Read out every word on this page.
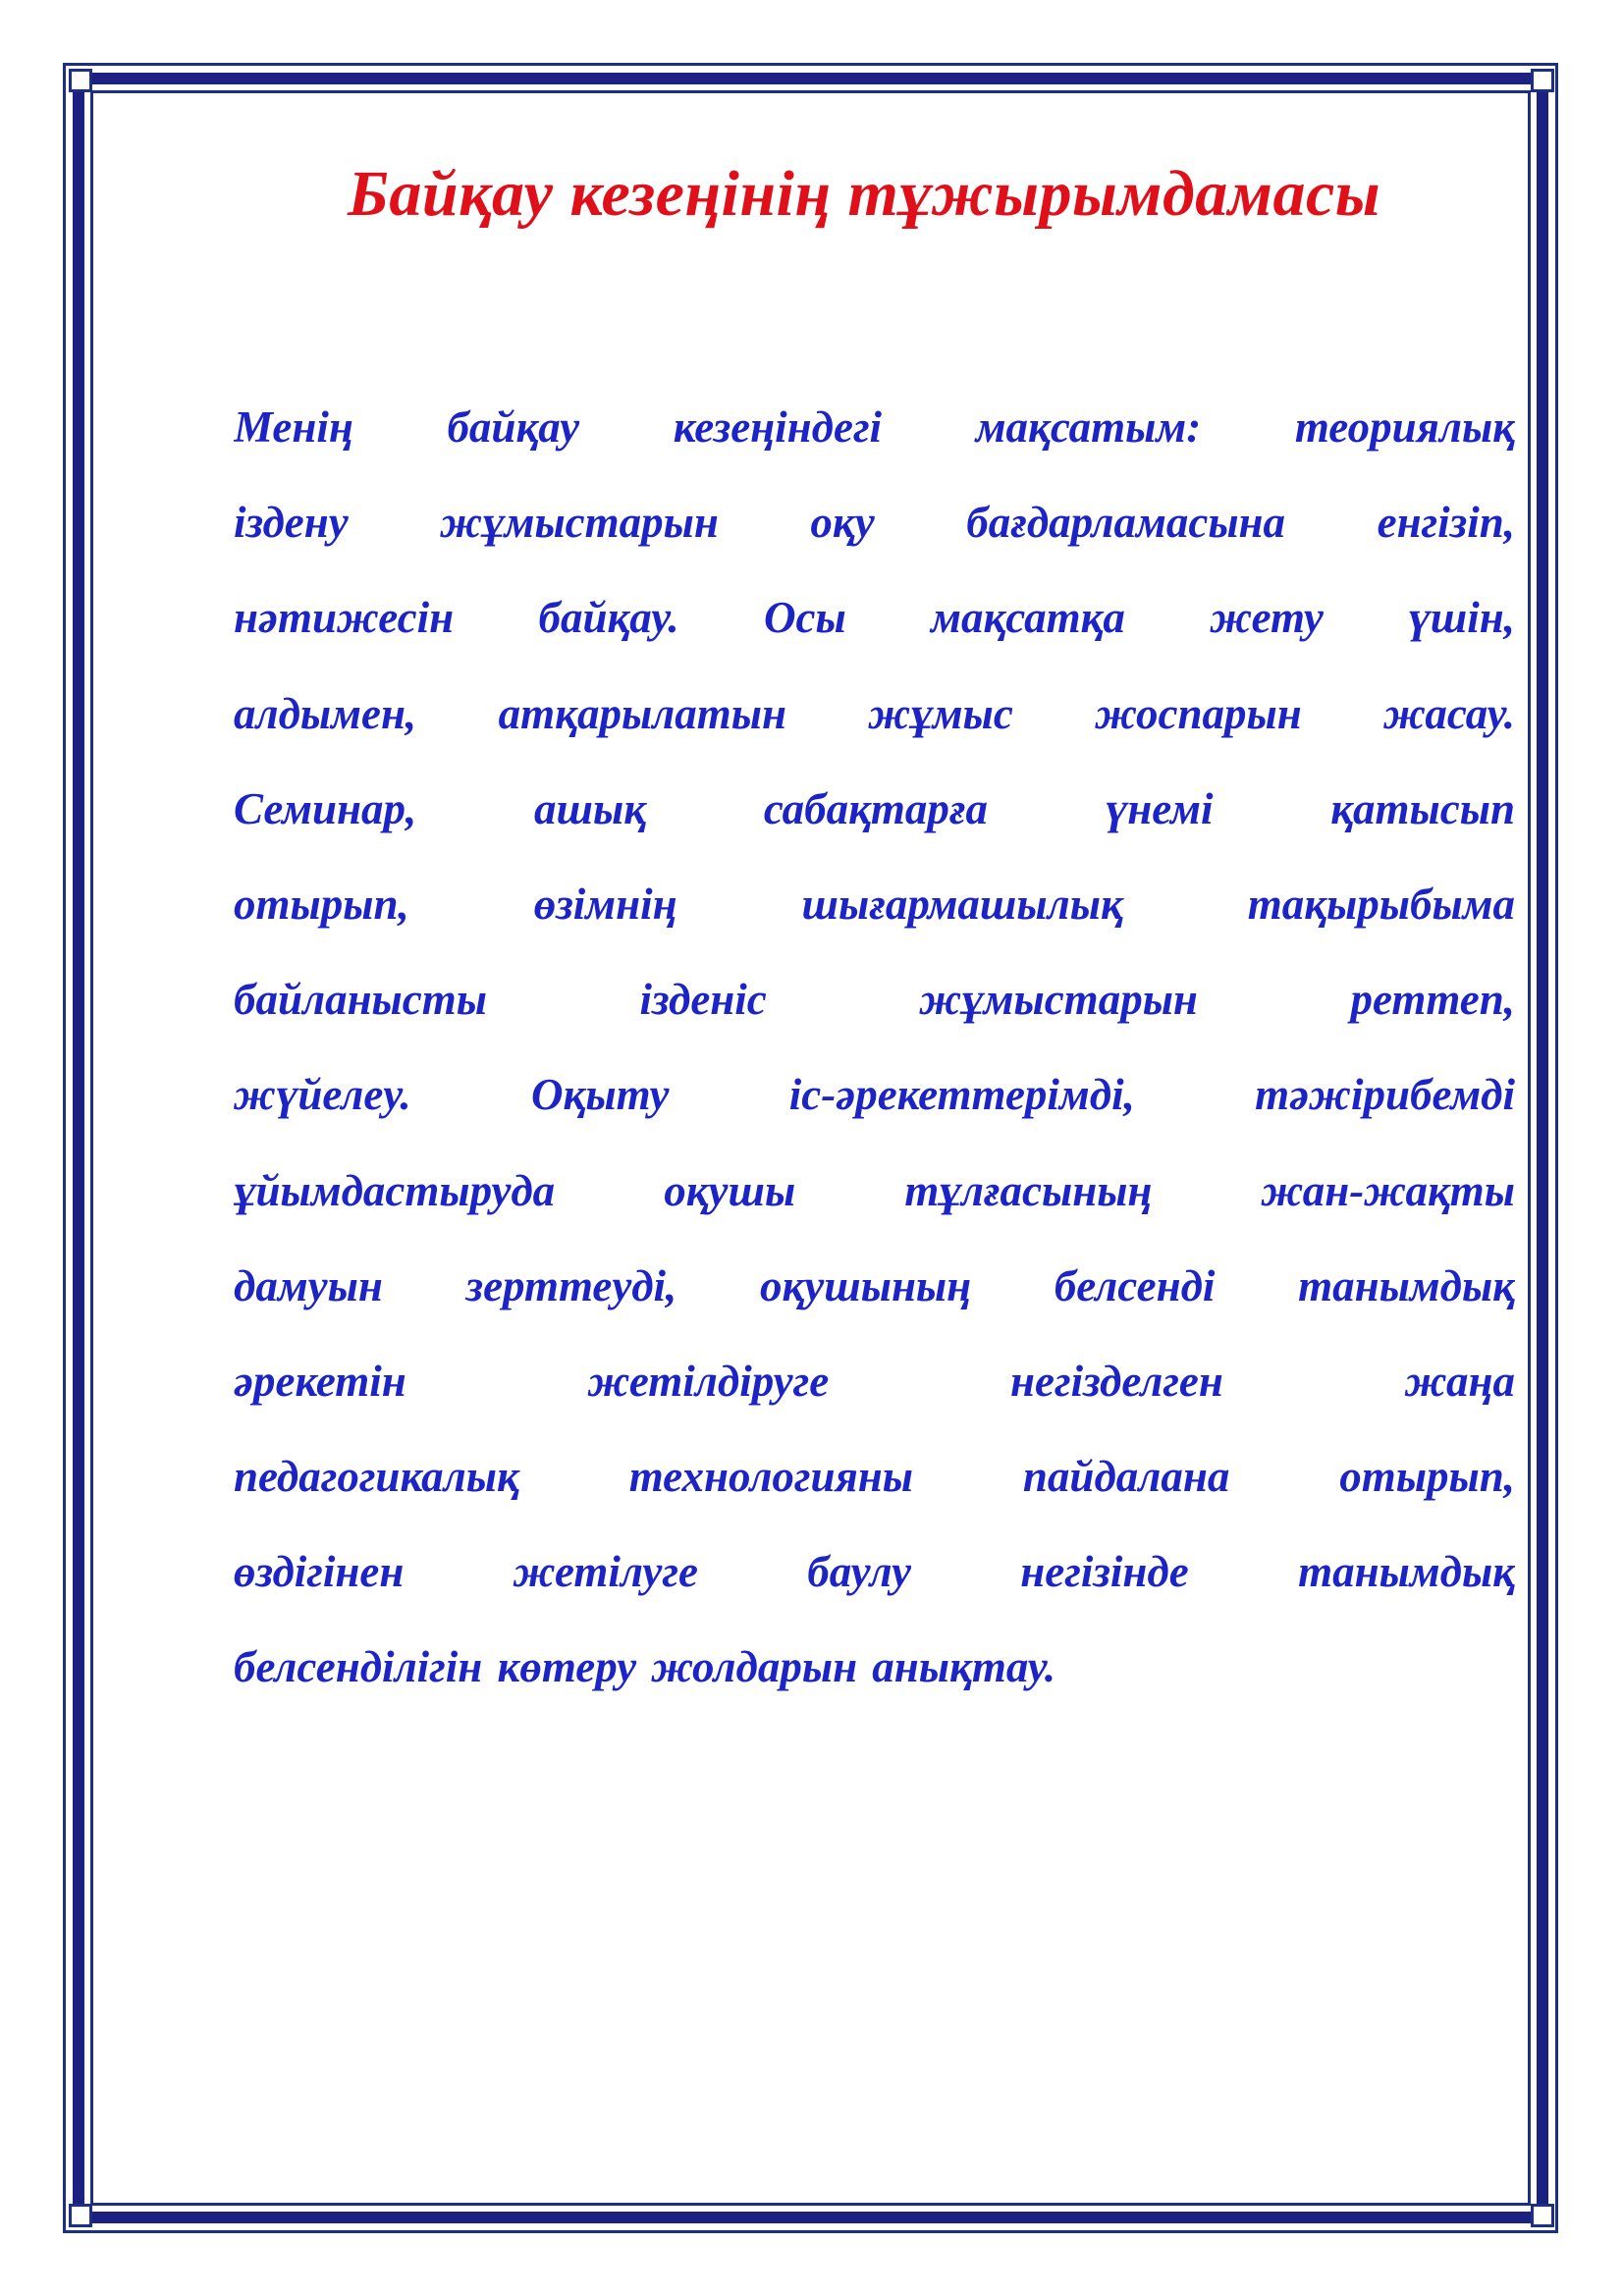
Байқау кезеңінің тұжырымдамасы
Менің байқау кезеңіндегі мақсатым: теориялық
іздену жұмыстарын оқу бағдарламасына енгізіп,
нәтижесін байқау. Осы мақсатқа жету үшін,
алдымен, атқарылатын жұмыс жоспарын жасау.
Семинар, ашық сабақтарға үнемі қатысып
отырып, өзімнің шығармашылық тақырыбыма
байланысты ізденіс жұмыстарын реттеп,
жүйелеу. Оқыту іс-әрекеттерімді, тәжірибемді
ұйымдастыруда оқушы тұлғасының жан-жақты
дамуын зерттеуді, оқушының белсенді танымдық
әрекетін жетілдіруге негізделген жаңа
педагогикалық технологияны пайдалана отырып,
өздігінен жетілуге баулу негізінде танымдық
белсенділігін көтеру жолдарын анықтау.
